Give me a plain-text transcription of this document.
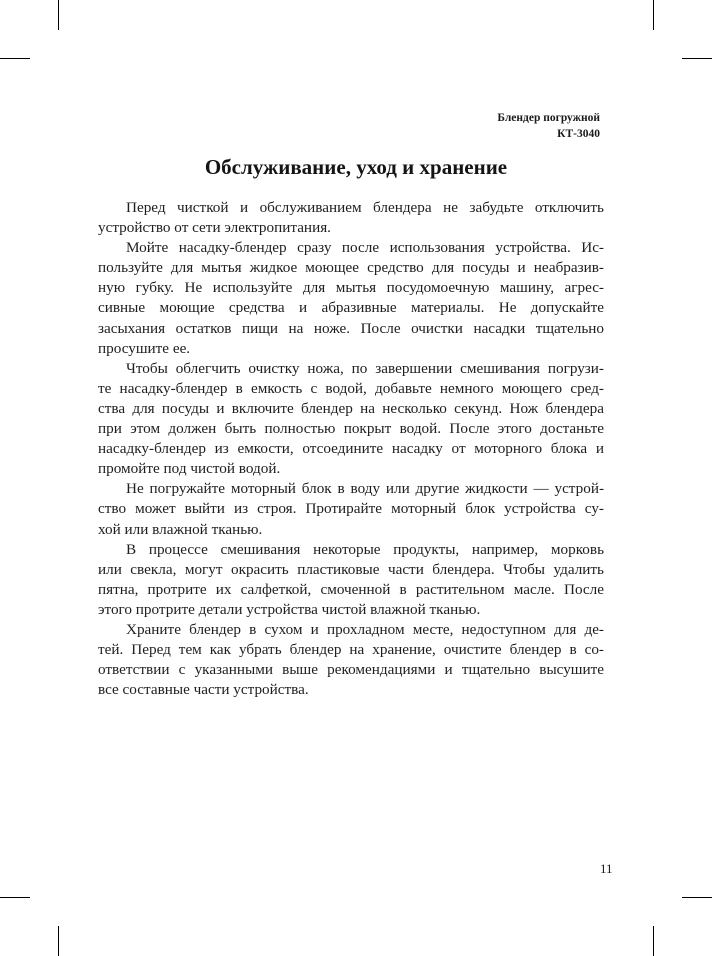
Блендер погружной
КТ-3040
Обслуживание, уход и хранение
Перед чисткой и обслуживанием блендера не забудьте отключить
устройство от сети электропитания.
Мойте насадку-блендер сразу после использования устройства. Ис-
пользуйте для мытья жидкое моющее средство для посуды и неабразив-
ную губку. Не используйте для мытья посудомоечную машину, агрес-
сивные моющие средства и абразивные материалы. Не допускайте
засыхания остатков пищи на ноже. После очистки насадки тщательно
просушите ее.
Чтобы облегчить очистку ножа, по завершении смешивания погрузи-
те насадку-блендер в емкость с водой, добавьте немного моющего сред-
ства для посуды и включите блендер на несколько секунд. Нож блендера
при этом должен быть полностью покрыт водой. После этого достаньте
насадку-блендер из емкости, отсоедините насадку от моторного блока и
промойте под чистой водой.
Не погружайте моторный блок в воду или другие жидкости — устрой-
ство может выйти из строя. Протирайте моторный блок устройства су-
хой или влажной тканью.
В процессе смешивания некоторые продукты, например, морковь
или свекла, могут окрасить пластиковые части блендера. Чтобы удалить
пятна, протрите их салфеткой, смоченной в растительном масле. После
этого протрите детали устройства чистой влажной тканью.
Храните блендер в сухом и прохладном месте, недоступном для де-
тей. Перед тем как убрать блендер на хранение, очистите блендер в со-
ответствии с указанными выше рекомендациями и тщательно высушите
все составные части устройства.
11
